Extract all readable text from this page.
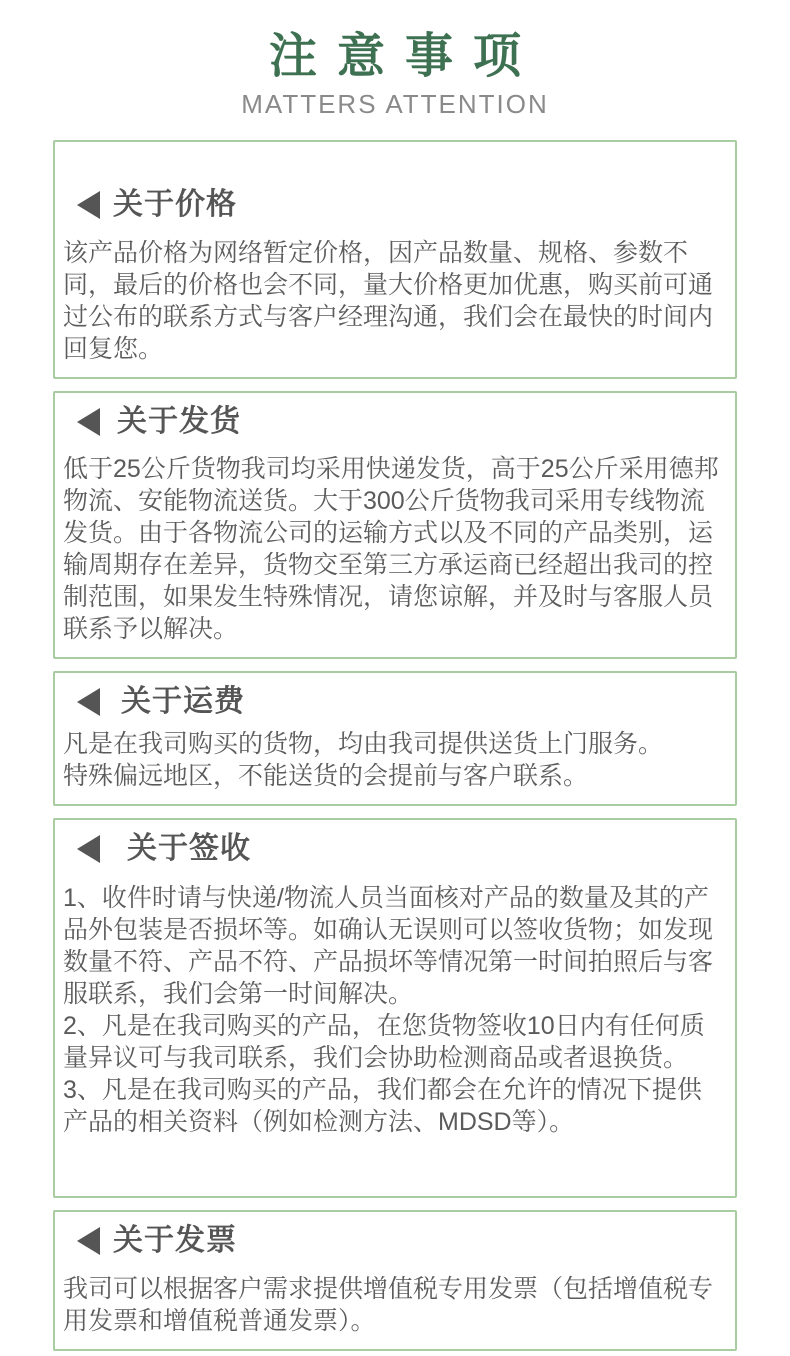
注意事项
MATTERS ATTENTION
关于价格

该产品价格为网络暂定价格，因产品数量、规格、参数不同，最后的价格也会不同，量大价格更加优惠，购买前可通过公布的联系方式与客户经理沟通，我们会在最快的时间内回复您。

关于发货

低于25公斤货物我司均采用快递发货，高于25公斤采用德邦物流、安能物流送货。大于300公斤货物我司采用专线物流发货。由于各物流公司的运输方式以及不同的产品类别，运输周期存在差异，货物交至第三方承运商已经超出我司的控制范围，如果发生特殊情况，请您谅解，并及时与客服人员联系予以解决。

关于运费

凡是在我司购买的货物，均由我司提供送货上门服务。

特殊偏远地区，不能送货的会提前与客户联系。

关于签收

1、收件时请与快递/物流人员当面核对产品的数量及其的产品外包装是否损坏等。如确认无误则可以签收货物；如发现数量不符、产品不符、产品损坏等情况第一时间拍照后与客服联系，我们会第一时间解决。

2、凡是在我司购买的产品，在您货物签收10日内有任何质量异议可与我司联系，我们会协助检测商品或者退换货。

3、凡是在我司购买的产品，我们都会在允许的情况下提供产品的相关资料（例如检测方法、MDSD等）。

关于发票

我司可以根据客户需求提供增值税专用发票（包括增值税专用发票和增值税普通发票）。
